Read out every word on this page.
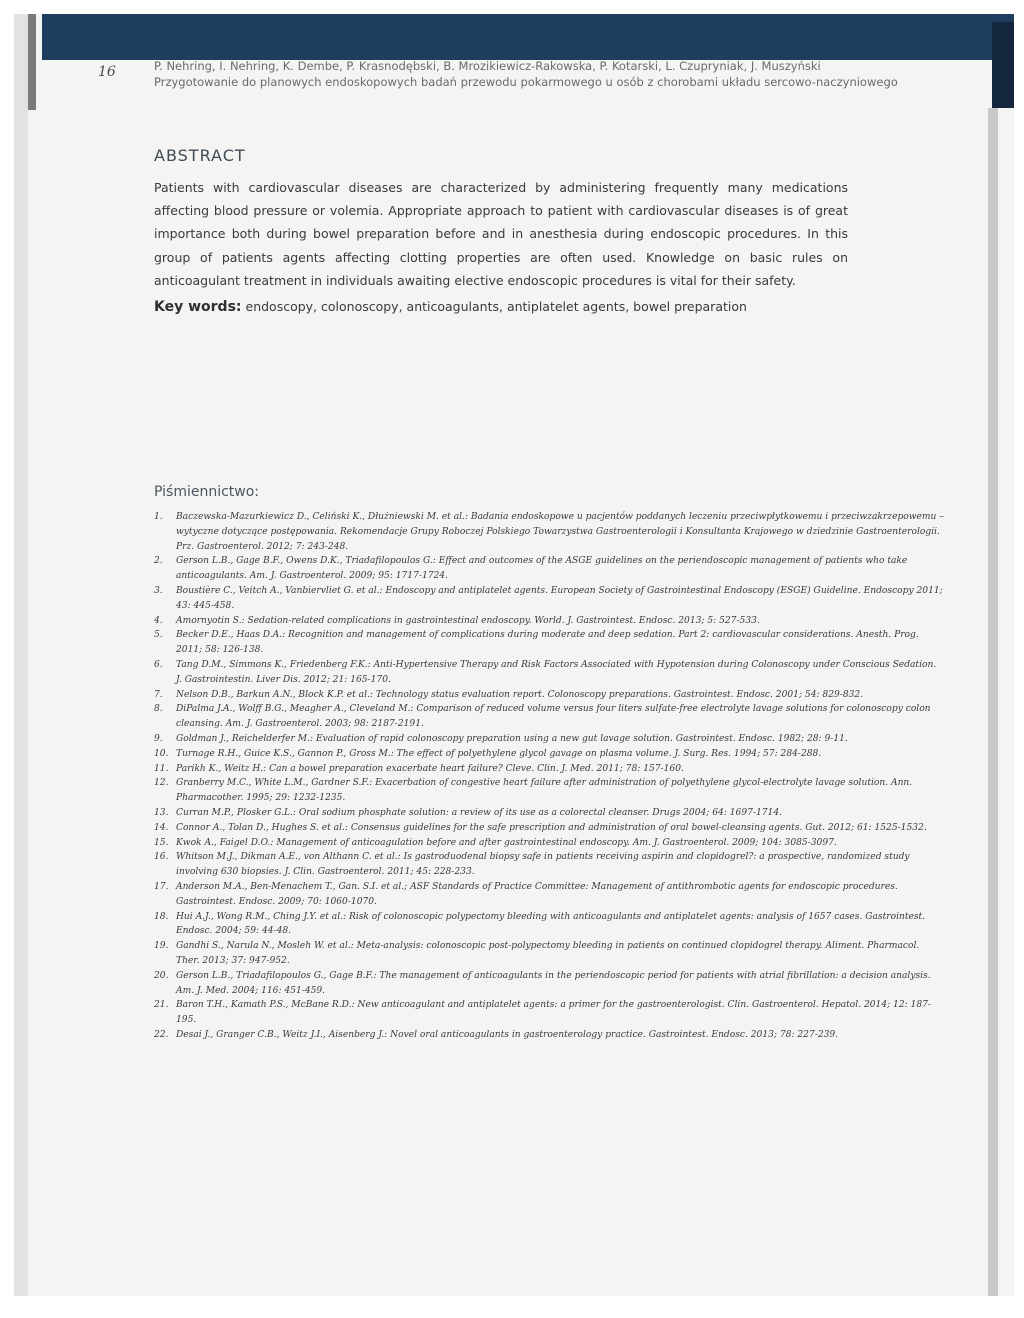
16	P. Nehring, I. Nehring, K. Dembe, P. Krasnodębski, B. Mrozikiewicz-Rakowska, P. Kotarski, L. Czupryniak, J. Muszyński
Przygotowanie do planowych endoskopowych badań przewodu pokarmowego u osób z chorobami układu sercowo-naczyniowego
ABSTRACT

Patients with cardiovascular diseases are characterized by administering frequently many medications affecting blood pressure or volemia. Appropriate approach to patient with cardiovascular diseases is of great importance both during bowel preparation before and in anesthesia during endoscopic procedures. In this group of patients agents affecting clotting properties are often used. Knowledge on basic rules on anticoagulant treatment in individuals awaiting elective endoscopic procedures is vital for their safety.

Key words: endoscopy, colonoscopy, anticoagulants, antiplatelet agents, bowel preparation
Piśmiennictwo:
1. Baczewska-Mazurkiewicz D., Celiński K., Dłużniewski M. et al.: Badania endoskopowe u pacjentów poddanych leczeniu przeciwpłytkowemu i przeciwzakrzepowemu – wytyczne dotyczące postępowania. Rekomendacje Grupy Roboczej Polskiego Towarzystwa Gastroenterologii i Konsultanta Krajowego w dziedzinie Gastroenterologii. Prz. Gastroenterol. 2012; 7: 243-248.
2. Gerson L.B., Gage B.F., Owens D.K., Triadafilopoulos G.: Effect and outcomes of the ASGE guidelines on the periendoscopic management of patients who take anticoagulants. Am. J. Gastroenterol. 2009; 95: 1717-1724.
3. Boustière C., Veitch A., Vanbiervliet G. et al.: Endoscopy and antiplatelet agents. European Society of Gastrointestinal Endoscopy (ESGE) Guideline. Endoscopy 2011; 43: 445-458.
4. Amornyotin S.: Sedation-related complications in gastrointestinal endoscopy. World. J. Gastrointest. Endosc. 2013; 5: 527-533.
5. Becker D.E., Haas D.A.: Recognition and management of complications during moderate and deep sedation. Part 2: cardiovascular considerations. Anesth. Prog. 2011; 58: 126-138.
6. Tang D.M., Simmons K., Friedenberg F.K.: Anti-Hypertensive Therapy and Risk Factors Associated with Hypotension during Colonoscopy under Conscious Sedation. J. Gastrointestin. Liver Dis. 2012; 21: 165-170.
7. Nelson D.B., Barkun A.N., Block K.P. et al.: Technology status evaluation report. Colonoscopy preparations. Gastrointest. Endosc. 2001; 54: 829-832.
8. DiPalma J.A., Wolff B.G., Meagher A., Cleveland M.: Comparison of reduced volume versus four liters sulfate-free electrolyte lavage solutions for colonoscopy colon cleansing. Am. J. Gastroenterol. 2003; 98: 2187-2191.
9. Goldman J., Reichelderfer M.: Evaluation of rapid colonoscopy preparation using a new gut lavage solution. Gastrointest. Endosc. 1982; 28: 9-11.
10. Turnage R.H., Guice K.S., Gannon P., Gross M.: The effect of polyethylene glycol gavage on plasma volume. J. Surg. Res. 1994; 57: 284-288.
11. Parikh K., Weitz H.: Can a bowel preparation exacerbate heart failure? Cleve. Clin. J. Med. 2011; 78: 157-160.
12. Granberry M.C., White L.M., Gardner S.F.: Exacerbation of congestive heart failure after administration of polyethylene glycol-electrolyte lavage solution. Ann. Pharmacother. 1995; 29: 1232-1235.
13. Curran M.P., Plosker G.L.: Oral sodium phosphate solution: a review of its use as a colorectal cleanser. Drugs 2004; 64: 1697-1714.
14. Connor A., Tolan D., Hughes S. et al.: Consensus guidelines for the safe prescription and administration of oral bowel-cleansing agents. Gut. 2012; 61: 1525-1532.
15. Kwok A., Faigel D.O.: Management of anticoagulation before and after gastrointestinal endoscopy. Am. J. Gastroenterol. 2009; 104: 3085-3097.
16. Whitson M.J., Dikman A.E., von Althann C. et al.: Is gastroduodenal biopsy safe in patients receiving aspirin and clopidogrel?: a prospective, randomized study involving 630 biopsies. J. Clin. Gastroenterol. 2011; 45: 228-233.
17. Anderson M.A., Ben-Menachem T., Gan. S.I. et al.; ASF Standards of Practice Committee: Management of antithrombotic agents for endoscopic procedures. Gastrointest. Endosc. 2009; 70: 1060-1070.
18. Hui A.J., Wong R.M., Ching J.Y. et al.: Risk of colonoscopic polypectomy bleeding with anticoagulants and antiplatelet agents: analysis of 1657 cases. Gastrointest. Endosc. 2004; 59: 44-48.
19. Gandhi S., Narula N., Mosleh W. et al.: Meta-analysis: colonoscopic post-polypectomy bleeding in patients on continued clopidogrel therapy. Aliment. Pharmacol. Ther. 2013; 37: 947-952.
20. Gerson L.B., Triadafilopoulos G., Gage B.F.: The management of anticoagulants in the periendoscopic period for patients with atrial fibrillation: a decision analysis. Am. J. Med. 2004; 116: 451-459.
21. Baron T.H., Kamath P.S., McBane R.D.: New anticoagulant and antiplatelet agents: a primer for the gastroenterologist. Clin. Gastroenterol. Hepatol. 2014; 12: 187-195.
22. Desai J., Granger C.B., Weitz J.I., Aisenberg J.: Novel oral anticoagulants in gastroenterology practice. Gastrointest. Endosc. 2013; 78: 227-239.
